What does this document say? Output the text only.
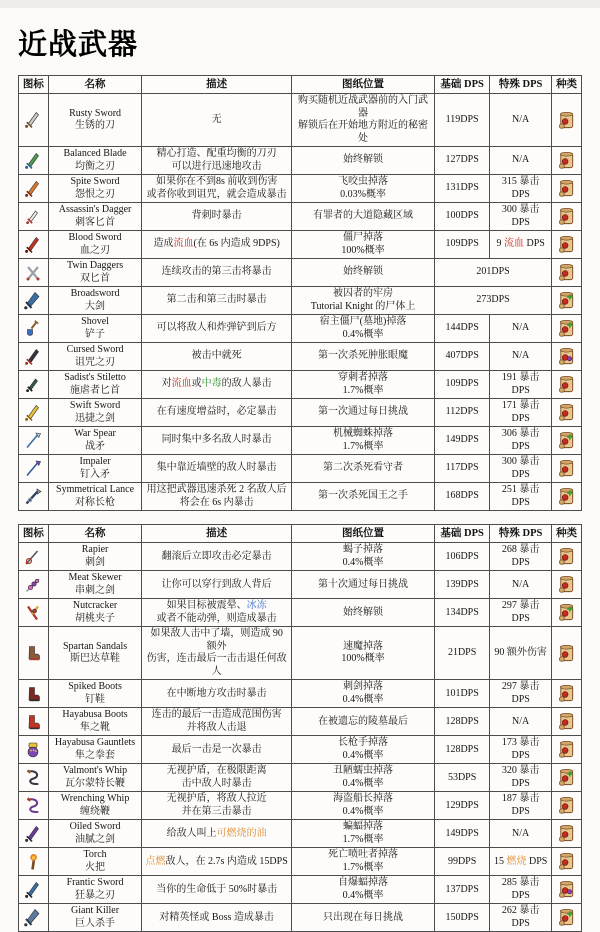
近战武器
图标	名称	描述	图纸位置	基础 DPS	特殊 DPS	种类

Rusty Sword
生锈的刀	无	购买随机近战武器前的入门武器
解锁后在开始地方附近的秘密处	119DPS	N/A	

Balanced Blade
均衡之刃	精心打造、配重均衡的刀刃
可以进行迅速地攻击	始终解锁	127DPS	N/A	

Spite Sword
怨恨之刃	如果你在不到8s 前收到伤害
或者你收到诅咒，就会造成暴击	飞咬虫掉落
0.03%概率	131DPS	315 暴击 DPS	

Assassin's Dagger
刺客匕首	背刺时暴击	有罪者的大道隐藏区域	100DPS	300 暴击 DPS	

Blood Sword
血之刃	造成流血(在 6s 内造成 9DPS)	僵尸掉落
100%概率	109DPS	9 流血 DPS	

Twin Daggers
双匕首	连续攻击的第三击将暴击	始终解锁	201DPS	

Broadsword
大剑	第二击和第三击时暴击	被囚者的牢房
Tutorial Knight 的尸体上	273DPS	

Shovel
铲子	可以将敌人和炸弹铲到后方	宿主僵尸(墓地)掉落
0.4%概率	144DPS	N/A	

Cursed Sword
诅咒之刃	被击中就死	第一次杀死肿胀眼魔	407DPS	N/A	

Sadist's Stiletto
施虐者匕首	对流血或中毒的敌人暴击	穿刺者掉落
1.7%概率	109DPS	191 暴击 DPS	

Swift Sword
迅捷之剑	在有速度增益时，必定暴击	第一次通过每日挑战	112DPS	171 暴击 DPS	

War Spear
战矛	同时集中多名敌人时暴击	机械蜘蛛掉落
1.7%概率	149DPS	306 暴击 DPS	

Impaler
钉入矛	集中靠近墙壁的敌人时暴击	第二次杀死看守者	117DPS	300 暴击 DPS	

Symmetrical Lance
对称长枪	用这把武器迅速杀死 2 名敌人后
将会在 6s 内暴击	第一次杀死国王之手	168DPS	251 暴击 DPS	
图标	名称	描述	图纸位置	基础 DPS	特殊 DPS	种类

Rapier
刺剑	翻滚后立即攻击必定暴击	蝎子掉落
0.4%概率	106DPS	268 暴击 DPS	

Meat Skewer
串刺之剑	让你可以穿行到敌人背后	第十次通过每日挑战	139DPS	N/A	

Nutcracker
胡桃夹子	如果目标被震晕、冰冻
或者不能动弹，则造成暴击	始终解锁	134DPS	297 暴击 DPS	

Spartan Sandals
斯巴达草鞋	如果敌人击中了墙，则造成 90 额外
伤害，连击最后一击击退任何敌人	速魔掉落
100%概率	21DPS	90 额外伤害	

Spiked Boots
钉鞋	在中断地方攻击时暴击	刺剑掉落
0.4%概率	101DPS	297 暴击 DPS	

Hayabusa Boots
隼之靴	连击的最后一击造成范围伤害
并将敌人击退	在被遗忘的陵墓最后	128DPS	N/A	

Hayabusa Gauntlets
隼之拳套	最后一击是一次暴击	长枪手掉落
0.4%概率	128DPS	173 暴击 DPS	

Valmont's Whip
瓦尔蒙特长鞭	无视护盾，在极限距离
击中敌人时暴击	丑陋蠕虫掉落
0.4%概率	53DPS	320 暴击 DPS	

Wrenching Whip
缠绕鞭	无视护盾，将敌人拉近
并在第三击暴击	海盗船长掉落
0.4%概率	129DPS	187 暴击 DPS	

Oiled Sword
油腻之剑	给敌人叫上可燃烧的油	蝙蝠掉落
1.7%概率	149DPS	N/A	

Torch
火把	点燃敌人，在 2.7s 内造成 15DPS	死亡喷吐者掉落
1.7%概率	99DPS	15 燃烧 DPS	

Frantic Sword
狂暴之刃	当你的生命低于 50%时暴击	自爆蝠掉落
0.4%概率	137DPS	285 暴击 DPS	

Giant Killer
巨人杀手	对精英怪或 Boss 造成暴击	只出现在每日挑战	150DPS	262 暴击 DPS	
